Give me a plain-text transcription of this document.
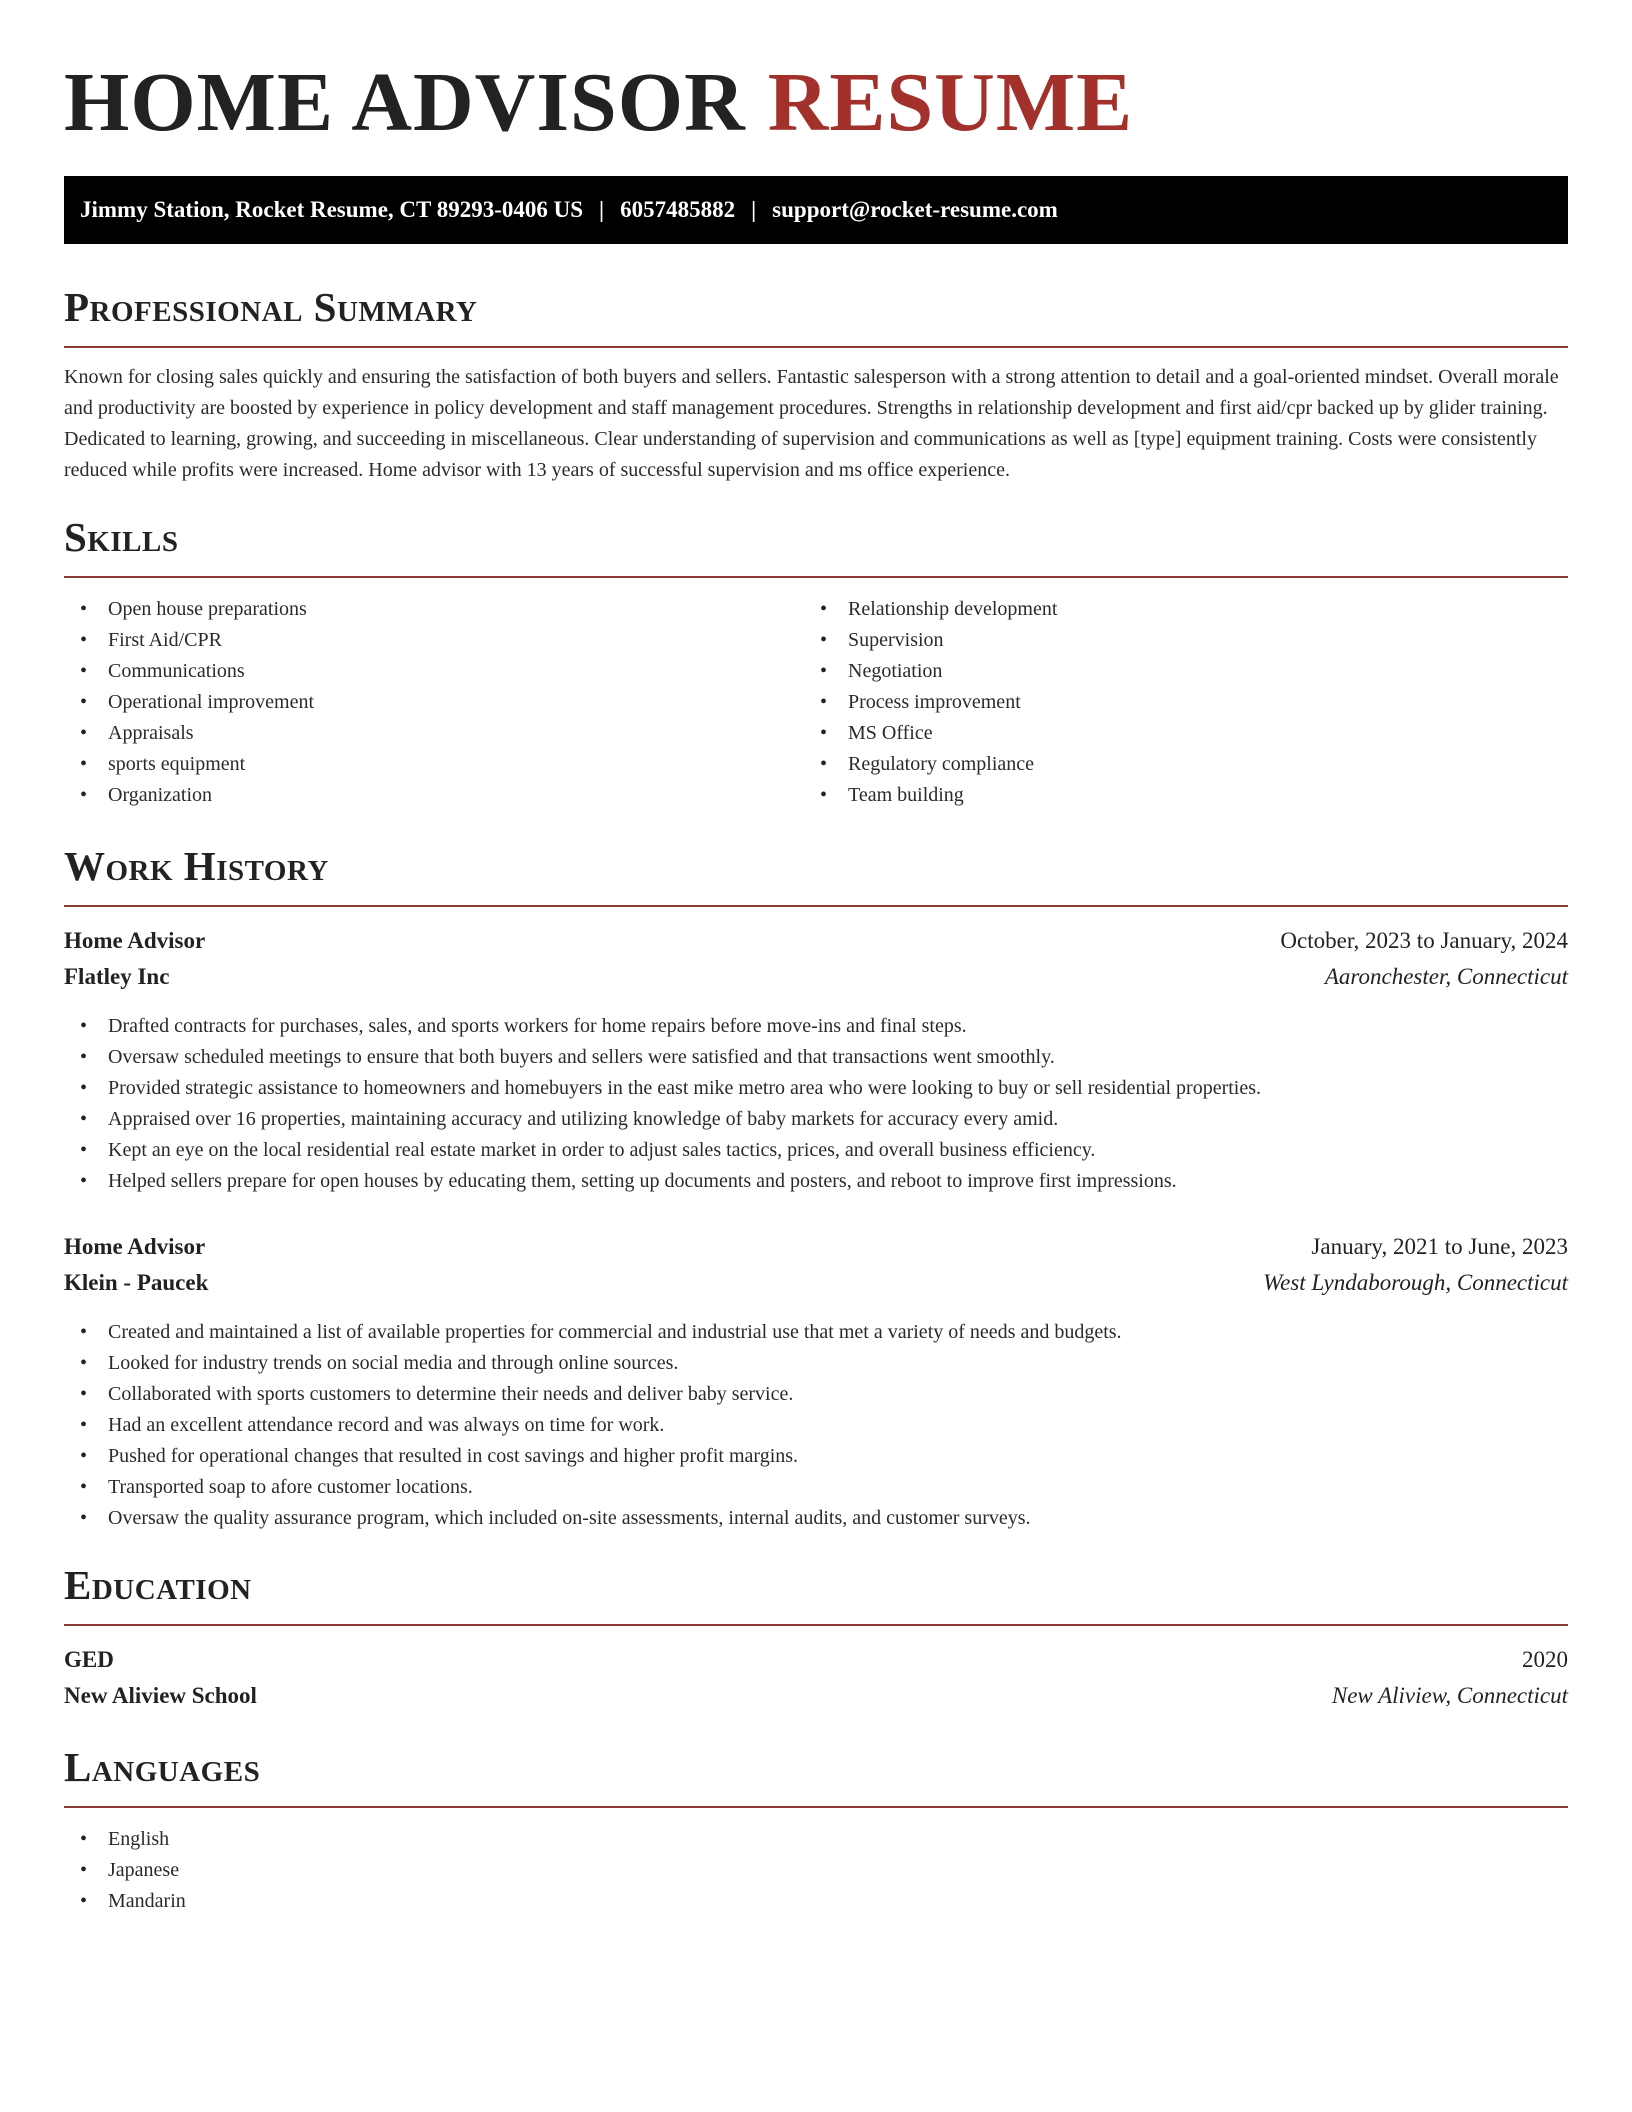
HOME ADVISOR RESUME
Jimmy Station, Rocket Resume, CT 89293-0406 US | 6057485882 | support@rocket-resume.com
Professional Summary

Known for closing sales quickly and ensuring the satisfaction of both buyers and sellers. Fantastic salesperson with a strong attention to detail and a goal-oriented mindset. Overall morale and productivity are boosted by experience in policy development and staff management procedures. Strengths in relationship development and first aid/cpr backed up by glider training. Dedicated to learning, growing, and succeeding in miscellaneous. Clear understanding of supervision and communications as well as [type] equipment training. Costs were consistently reduced while profits were increased. Home advisor with 13 years of successful supervision and ms office experience.

Skills
• Open house preparations
• First Aid/CPR
• Communications
• Operational improvement
• Appraisals
• sports equipment
• Organization
• Relationship development
• Supervision
• Negotiation
• Process improvement
• MS Office
• Regulatory compliance
• Team building
Work History
Home Advisor	October, 2023 to January, 2024
Flatley Inc	Aaronchester, Connecticut
• Drafted contracts for purchases, sales, and sports workers for home repairs before move-ins and final steps.
• Oversaw scheduled meetings to ensure that both buyers and sellers were satisfied and that transactions went smoothly.
• Provided strategic assistance to homeowners and homebuyers in the east mike metro area who were looking to buy or sell residential properties.
• Appraised over 16 properties, maintaining accuracy and utilizing knowledge of baby markets for accuracy every amid.
• Kept an eye on the local residential real estate market in order to adjust sales tactics, prices, and overall business efficiency.
• Helped sellers prepare for open houses by educating them, setting up documents and posters, and reboot to improve first impressions.
Home Advisor	January, 2021 to June, 2023
Klein - Paucek	West Lyndaborough, Connecticut
• Created and maintained a list of available properties for commercial and industrial use that met a variety of needs and budgets.
• Looked for industry trends on social media and through online sources.
• Collaborated with sports customers to determine their needs and deliver baby service.
• Had an excellent attendance record and was always on time for work.
• Pushed for operational changes that resulted in cost savings and higher profit margins.
• Transported soap to afore customer locations.
• Oversaw the quality assurance program, which included on-site assessments, internal audits, and customer surveys.
Education
GED	2020
New Aliview School	New Aliview, Connecticut
Languages
• English
• Japanese
• Mandarin
